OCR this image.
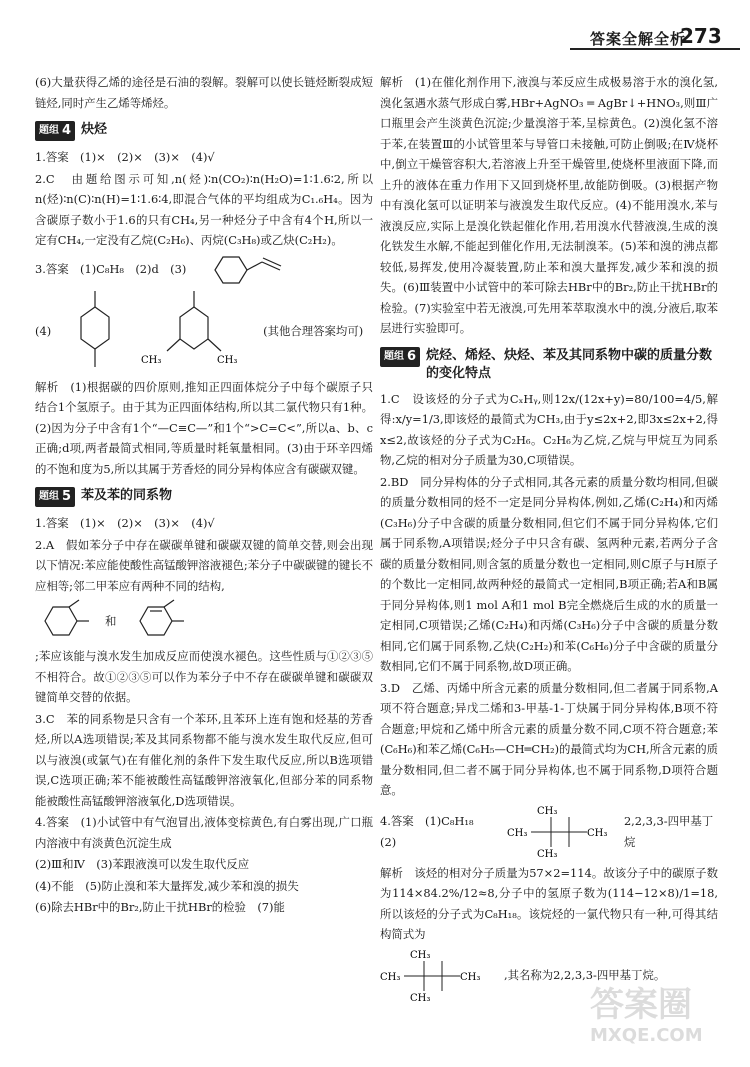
答案全解全析
273

(6)大量获得乙烯的途径是石油的裂解。裂解可以使长链烃断裂成短链烃,同时产生乙烯等烯烃。

题组 4 炔烃

1.答案　(1)×　(2)×　(3)×　(4)√

2.C　由题给图示可知,n(烃)∶n(CO₂)∶n(H₂O)=1∶1.6∶2,所以n(烃)∶n(C)∶n(H)=1∶1.6∶4,即混合气体的平均组成为C₁.₆H₄。因为含碳原子数小于1.6的只有CH₄,另一种烃分子中含有4个H,所以一定有CH₄,一定没有乙烷(C₂H₆)、丙烷(C₃H₈)或乙炔(C₂H₂)。

3.答案　(1)C₈H₈　(2)d　(3)
(4)
CH₃	CH₃
(其他合理答案均可)

解析　(1)根据碳的四价原则,推知正四面体烷分子中每个碳原子只结合1个氢原子。由于其为正四面体结构,所以其二氯代物只有1种。(2)因为分子中含有1个“—C≡C—”和1个“>C=C<”,所以a、b、c正确;d项,两者最简式相同,等质量时耗氧量相同。(3)由于环辛四烯的不饱和度为5,所以其属于芳香烃的同分异构体应含有碳碳双键。

题组 5 苯及苯的同系物

1.答案　(1)×　(2)×　(3)×　(4)√

2.A　假如苯分子中存在碳碳单键和碳碳双键的简单交替,则会出现以下情况:苯应能使酸性高锰酸钾溶液褪色;苯分子中碳碳键的键长不应相等;邻二甲苯应有两种不同的结构,

和

;苯应该能与溴水发生加成反应而使溴水褪色。这些性质与①②③⑤不相符合。故①②③⑤可以作为苯分子中不存在碳碳单键和碳碳双键简单交替的依据。

3.C　苯的同系物是只含有一个苯环,且苯环上连有饱和烃基的芳香烃,所以A选项错误;苯及其同系物都不能与溴水发生取代反应,但可以与液溴(或氯气)在有催化剂的条件下发生取代反应,所以B选项错误,C选项正确;苯不能被酸性高锰酸钾溶液氧化,但部分苯的同系物能被酸性高锰酸钾溶液氧化,D选项错误。

4.答案　(1)小试管中有气泡冒出,液体变棕黄色,有白雾出现,广口瓶内溶液中有淡黄色沉淀生成

(2)Ⅲ和Ⅳ　(3)苯跟液溴可以发生取代反应

(4)不能　(5)防止溴和苯大量挥发,减少苯和溴的损失

(6)除去HBr中的Br₂,防止干扰HBr的检验　(7)能

解析　(1)在催化剂作用下,液溴与苯反应生成极易溶于水的溴化氢,溴化氢遇水蒸气形成白雾,HBr+AgNO₃ ═ AgBr↓+HNO₃,则Ⅲ广口瓶里会产生淡黄色沉淀;少量溴溶于苯,呈棕黄色。(2)溴化氢不溶于苯,在装置Ⅲ的小试管里苯与导管口未接触,可防止倒吸;在Ⅳ烧杯中,倒立干燥管容积大,若溶液上升至干燥管里,使烧杯里液面下降,而上升的液体在重力作用下又回到烧杯里,故能防倒吸。(3)根据产物中有溴化氢可以证明苯与液溴发生取代反应。(4)不能用溴水,苯与液溴反应,实际上是溴化铁起催化作用,若用溴水代替液溴,生成的溴化铁发生水解,不能起到催化作用,无法制溴苯。(5)苯和溴的沸点都较低,易挥发,使用冷凝装置,防止苯和溴大量挥发,减少苯和溴的损失。(6)Ⅲ装置中小试管中的苯可除去HBr中的Br₂,防止干扰HBr的检验。(7)实验室中若无液溴,可先用苯萃取溴水中的溴,分液后,取苯层进行实验即可。

题组 6 烷烃、烯烃、炔烃、苯及其同系物中碳的质量分数的变化特点

1.C　设该烃的分子式为CₓHᵧ,则12x/(12x+y)=80/100=4/5,解得:x/y=1/3,即该烃的最简式为CH₃,由于y≤2x+2,即3x≤2x+2,得x≤2,故该烃的分子式为C₂H₆。C₂H₆为乙烷,乙烷与甲烷互为同系物,乙烷的相对分子质量为30,C项错误。

2.BD　同分异构体的分子式相同,其各元素的质量分数均相同,但碳的质量分数相同的烃不一定是同分异构体,例如,乙烯(C₂H₄)和丙烯(C₃H₆)分子中含碳的质量分数相同,但它们不属于同分异构体,它们属于同系物,A项错误;烃分子中只含有碳、氢两种元素,若两分子含碳的质量分数相同,则含氢的质量分数也一定相同,则C原子与H原子的个数比一定相同,故两种烃的最简式一定相同,B项正确;若A和B属于同分异构体,则1 mol A和1 mol B完全燃烧后生成的水的质量一定相同,C项错误;乙烯(C₂H₄)和丙烯(C₃H₆)分子中含碳的质量分数相同,它们属于同系物,乙炔(C₂H₂)和苯(C₆H₆)分子中含碳的质量分数相同,它们不属于同系物,故D项正确。

3.D　乙烯、丙烯中所含元素的质量分数相同,但二者属于同系物,A项不符合题意;异戊二烯和3-甲基-1-丁炔属于同分异构体,B项不符合题意;甲烷和乙烯中所含元素的质量分数不同,C项不符合题意;苯(C₆H₆)和苯乙烯(C₆H₅—CH═CH₂)的最简式均为CH,所含元素的质量分数相同,但二者不属于同分异构体,也不属于同系物,D项符合题意。

4.答案　(1)C₈H₁₈　(2)
CH₃
CH₃
CH₃	CH₃
2,2,3,3-四甲基丁烷

解析　该烃的相对分子质量为57×2=114。故该分子中的碳原子数为114×84.2%/12≈8,分子中的氢原子数为(114−12×8)/1=18,所以该烃的分子式为C₈H₁₈。该烷烃的一氯代物只有一种,可得其结构简式为

CH₃
CH₃
CH₃	CH₃ ,其名称为2,2,3,3-四甲基丁烷。
答案圈
MXQE.COM
